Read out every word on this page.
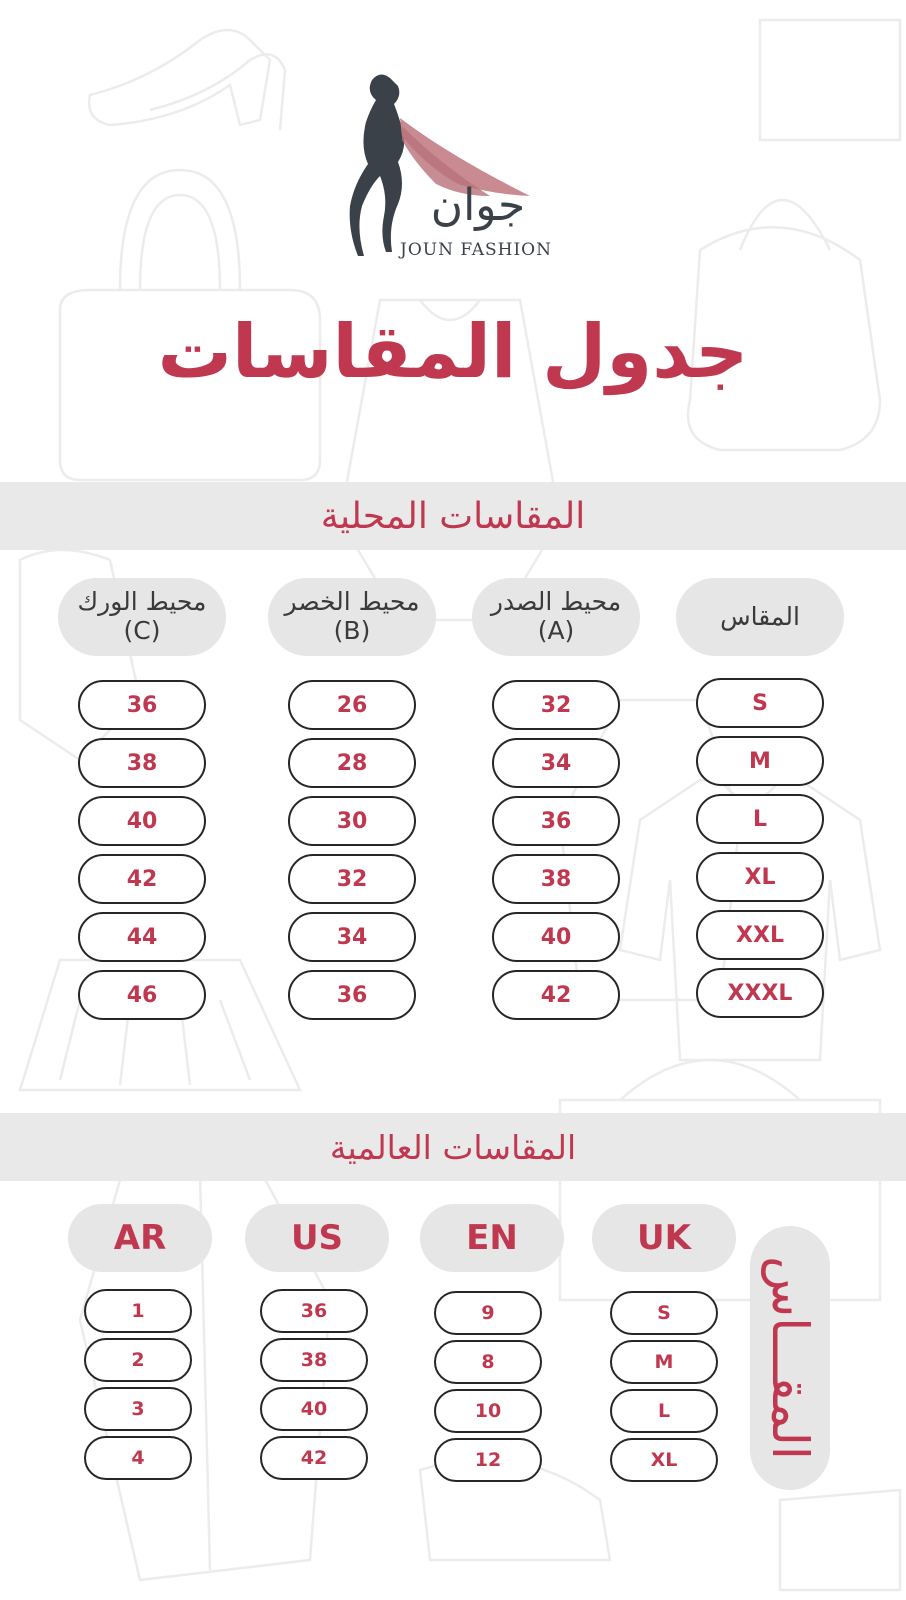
جوان
JOUN FASHION
جدول المقاسات
المقاسات المحلية
المقاس
محيط الصدر
(A)
محيط الخصر
(B)
محيط الورك
(C)
S
M
L
XL
XXL
XXXL
32
34
36
38
40
42
26
28
30
32
34
36
36
38
40
42
44
46
المقاسات العالمية
المقـــاس
UK
EN
US
AR
S
M
L
XL
9
8
10
12
36
38
40
42
1
2
3
4
